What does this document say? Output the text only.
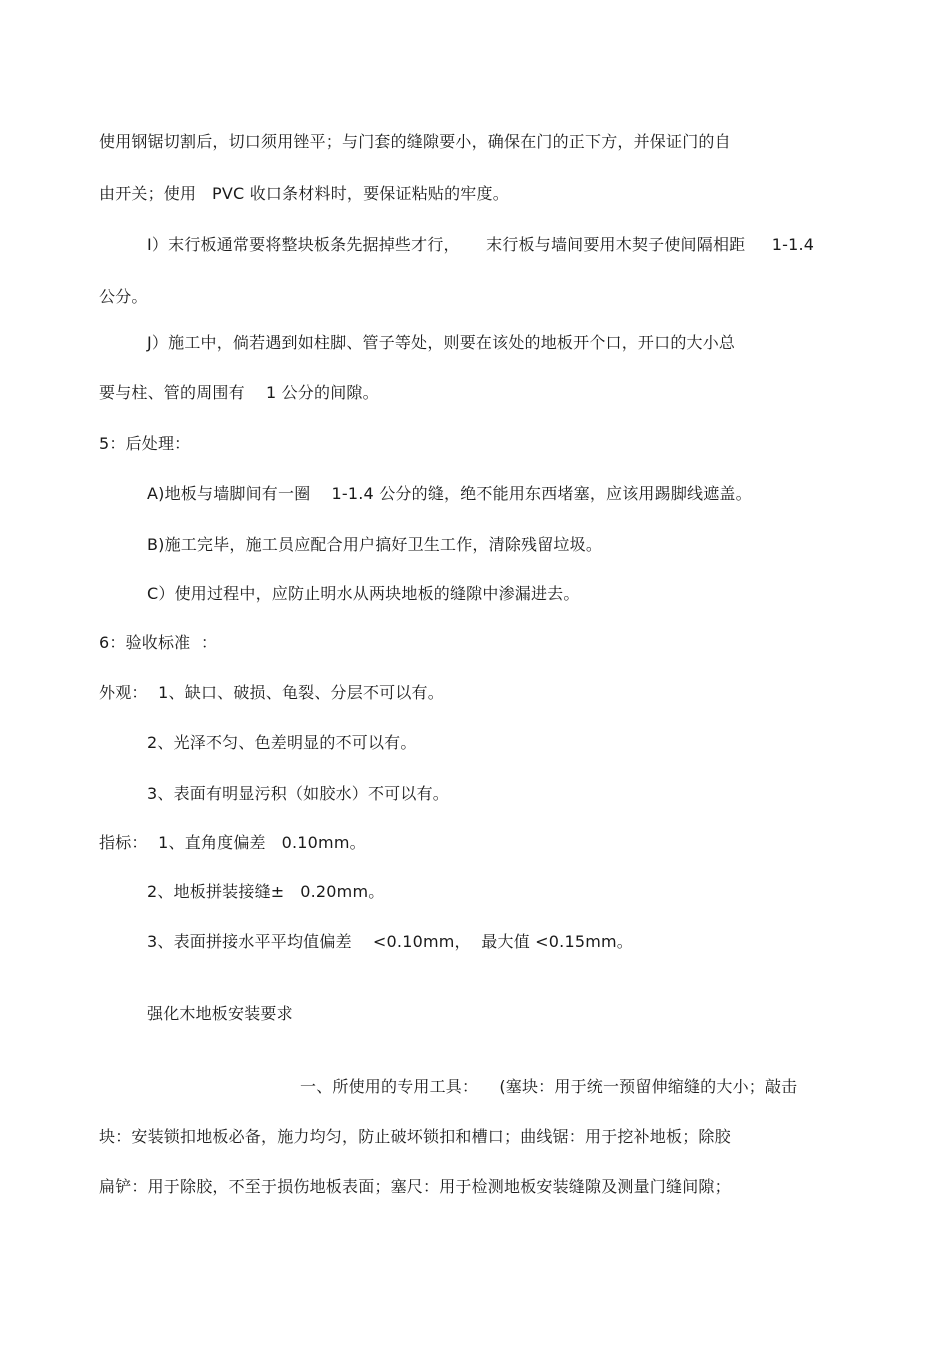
使用钢锯切割后，切口须用锉平；与门套的缝隙要小，确保在门的正下方，并保证门的自
由开关；使用   PVC 收口条材料时，要保证粘贴的牢度。
I）末行板通常要将整块板条先据掉些才行，     末行板与墙间要用木契子使间隔相距     1-1.4
公分。
J）施工中，倘若遇到如柱脚、管子等处，则要在该处的地板开个口，开口的大小总
要与柱、管的周围有    1 公分的间隙。
5：后处理：
A)地板与墙脚间有一圈    1-1.4 公分的缝，绝不能用东西堵塞，应该用踢脚线遮盖。
B)施工完毕，施工员应配合用户搞好卫生工作，清除残留垃圾。
C）使用过程中，应防止明水从两块地板的缝隙中渗漏进去。
6：验收标准  ：
外观：  1、缺口、破损、龟裂、分层不可以有。
2、光泽不匀、色差明显的不可以有。
3、表面有明显污积（如胶水）不可以有。
指标：  1、直角度偏差   0.10mm。
2、地板拼装接缝±   0.20mm。
3、表面拼接水平平均值偏差    <0.10mm，  最大值 <0.15mm。
强化木地板安装要求
一、所使用的专用工具：    (塞块：用于统一预留伸缩缝的大小；敲击
块：安装锁扣地板必备，施力均匀，防止破坏锁扣和槽口；曲线锯：用于挖补地板；除胶
扁铲：用于除胶，不至于损伤地板表面；塞尺：用于检测地板安装缝隙及测量门缝间隙；
